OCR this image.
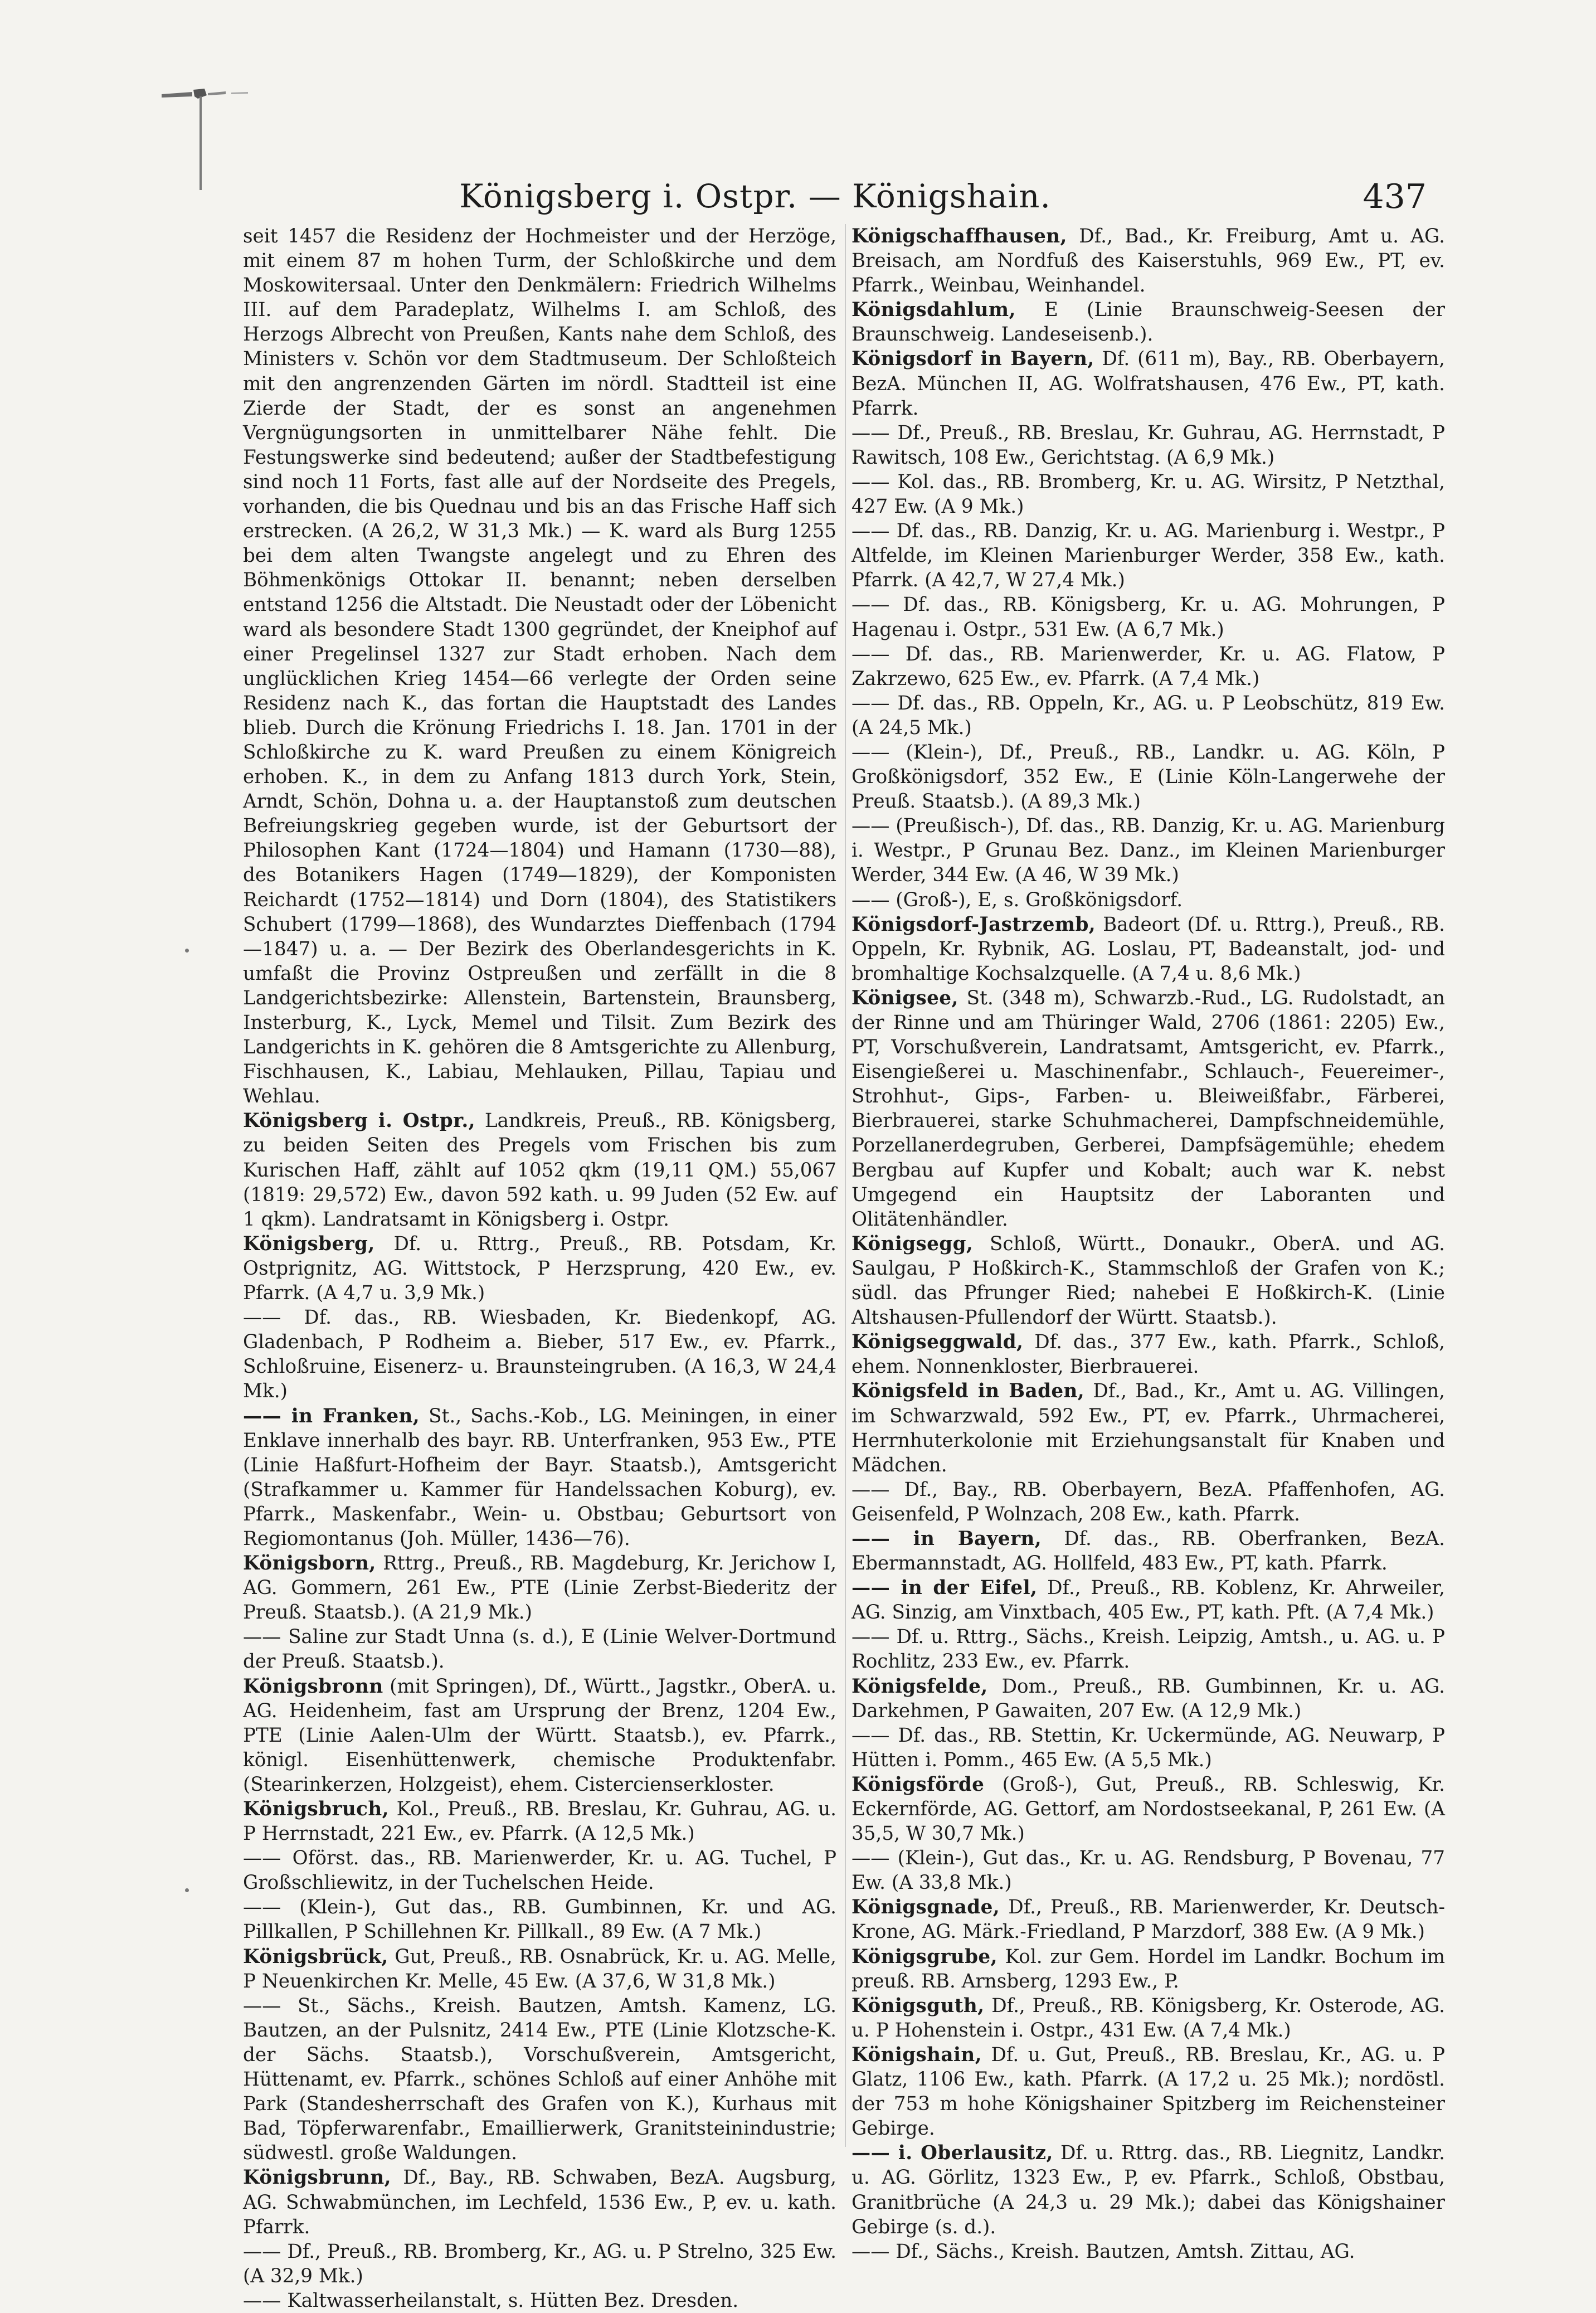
Königsberg i. Ostpr. — Königshain.	437

seit 1457 die Residenz der Hochmeister und der Herzöge, mit einem 87 m hohen Turm, der Schloßkirche und dem Moskowitersaal. Unter den Denkmälern: Friedrich Wilhelms III. auf dem Paradeplatz, Wilhelms I. am Schloß, des Herzogs Albrecht von Preußen, Kants nahe dem Schloß, des Ministers v. Schön vor dem Stadtmuseum. Der Schloßteich mit den angrenzenden Gärten im nördl. Stadtteil ist eine Zierde der Stadt, der es sonst an angenehmen Vergnügungsorten in unmittelbarer Nähe fehlt. Die Festungswerke sind bedeutend; außer der Stadtbefestigung sind noch 11 Forts, fast alle auf der Nordseite des Pregels, vorhanden, die bis Quednau und bis an das Frische Haff sich erstrecken. (A 26,2, W 31,3 Mk.) — K. ward als Burg 1255 bei dem alten Twangste angelegt und zu Ehren des Böhmenkönigs Ottokar II. benannt; neben derselben entstand 1256 die Altstadt. Die Neustadt oder der Löbenicht ward als besondere Stadt 1300 gegründet, der Kneiphof auf einer Pregelinsel 1327 zur Stadt erhoben. Nach dem unglücklichen Krieg 1454—66 verlegte der Orden seine Residenz nach K., das fortan die Hauptstadt des Landes blieb. Durch die Krönung Friedrichs I. 18. Jan. 1701 in der Schloßkirche zu K. ward Preußen zu einem Königreich erhoben. K., in dem zu Anfang 1813 durch York, Stein, Arndt, Schön, Dohna u. a. der Hauptanstoß zum deutschen Befreiungskrieg gegeben wurde, ist der Geburtsort der Philosophen Kant (1724—1804) und Hamann (1730—88), des Botanikers Hagen (1749—1829), der Komponisten Reichardt (1752—1814) und Dorn (1804), des Statistikers Schubert (1799—1868), des Wundarztes Dieffenbach (1794—1847) u. a. — Der Bezirk des Oberlandesgerichts in K. umfaßt die Provinz Ostpreußen und zerfällt in die 8 Landgerichtsbezirke: Allenstein, Bartenstein, Braunsberg, Insterburg, K., Lyck, Memel und Tilsit. Zum Bezirk des Landgerichts in K. gehören die 8 Amtsgerichte zu Allenburg, Fischhausen, K., Labiau, Mehlauken, Pillau, Tapiau und Wehlau.

Königsberg i. Ostpr., Landkreis, Preuß., RB. Königsberg, zu beiden Seiten des Pregels vom Frischen bis zum Kurischen Haff, zählt auf 1052 qkm (19,11 QM.) 55,067 (1819: 29,572) Ew., davon 592 kath. u. 99 Juden (52 Ew. auf 1 qkm). Landratsamt in Königsberg i. Ostpr.

Königsberg, Df. u. Rttrg., Preuß., RB. Potsdam, Kr. Ostprignitz, AG. Wittstock, P Herzsprung, 420 Ew., ev. Pfarrk. (A 4,7 u. 3,9 Mk.)

—— Df. das., RB. Wiesbaden, Kr. Biedenkopf, AG. Gladenbach, P Rodheim a. Bieber, 517 Ew., ev. Pfarrk., Schloßruine, Eisenerz- u. Braunsteingruben. (A 16,3, W 24,4 Mk.)

—— in Franken, St., Sachs.-Kob., LG. Meiningen, in einer Enklave innerhalb des bayr. RB. Unterfranken, 953 Ew., PTE (Linie Haßfurt-Hofheim der Bayr. Staatsb.), Amtsgericht (Strafkammer u. Kammer für Handelssachen Koburg), ev. Pfarrk., Maskenfabr., Wein- u. Obstbau; Geburtsort von Regiomontanus (Joh. Müller, 1436—76).

Königsborn, Rttrg., Preuß., RB. Magdeburg, Kr. Jerichow I, AG. Gommern, 261 Ew., PTE (Linie Zerbst-Biederitz der Preuß. Staatsb.). (A 21,9 Mk.)

—— Saline zur Stadt Unna (s. d.), E (Linie Welver-Dortmund der Preuß. Staatsb.).

Königsbronn (mit Springen), Df., Württ., Jagstkr., OberA. u. AG. Heidenheim, fast am Ursprung der Brenz, 1204 Ew., PTE (Linie Aalen-Ulm der Württ. Staatsb.), ev. Pfarrk., königl. Eisenhüttenwerk, chemische Produktenfabr. (Stearinkerzen, Holzgeist), ehem. Cistercienserkloster.

Königsbruch, Kol., Preuß., RB. Breslau, Kr. Guhrau, AG. u. P Herrnstadt, 221 Ew., ev. Pfarrk. (A 12,5 Mk.)

—— Oförst. das., RB. Marienwerder, Kr. u. AG. Tuchel, P Großschliewitz, in der Tuchelschen Heide.

—— (Klein-), Gut das., RB. Gumbinnen, Kr. und AG. Pillkallen, P Schillehnen Kr. Pillkall., 89 Ew. (A 7 Mk.)

Königsbrück, Gut, Preuß., RB. Osnabrück, Kr. u. AG. Melle, P Neuenkirchen Kr. Melle, 45 Ew. (A 37,6, W 31,8 Mk.)

—— St., Sächs., Kreish. Bautzen, Amtsh. Kamenz, LG. Bautzen, an der Pulsnitz, 2414 Ew., PTE (Linie Klotzsche-K. der Sächs. Staatsb.), Vorschußverein, Amtsgericht, Hüttenamt, ev. Pfarrk., schönes Schloß auf einer Anhöhe mit Park (Standesherrschaft des Grafen von K.), Kurhaus mit Bad, Töpferwarenfabr., Emaillierwerk, Granitsteinindustrie; südwestl. große Waldungen.

Königsbrunn, Df., Bay., RB. Schwaben, BezA. Augsburg, AG. Schwabmünchen, im Lechfeld, 1536 Ew., P, ev. u. kath. Pfarrk.

—— Df., Preuß., RB. Bromberg, Kr., AG. u. P Strelno, 325 Ew. (A 32,9 Mk.)

—— Kaltwasserheilanstalt, s. Hütten Bez. Dresden.

Königschaffhausen, Df., Bad., Kr. Freiburg, Amt u. AG. Breisach, am Nordfuß des Kaiserstuhls, 969 Ew., PT, ev. Pfarrk., Weinbau, Weinhandel.

Königsdahlum, E (Linie Braunschweig-Seesen der Braunschweig. Landeseisenb.).

Königsdorf in Bayern, Df. (611 m), Bay., RB. Oberbayern, BezA. München II, AG. Wolfratshausen, 476 Ew., PT, kath. Pfarrk.

—— Df., Preuß., RB. Breslau, Kr. Guhrau, AG. Herrnstadt, P Rawitsch, 108 Ew., Gerichtstag. (A 6,9 Mk.)

—— Kol. das., RB. Bromberg, Kr. u. AG. Wirsitz, P Netzthal, 427 Ew. (A 9 Mk.)

—— Df. das., RB. Danzig, Kr. u. AG. Marienburg i. Westpr., P Altfelde, im Kleinen Marienburger Werder, 358 Ew., kath. Pfarrk. (A 42,7, W 27,4 Mk.)

—— Df. das., RB. Königsberg, Kr. u. AG. Mohrungen, P Hagenau i. Ostpr., 531 Ew. (A 6,7 Mk.)

—— Df. das., RB. Marienwerder, Kr. u. AG. Flatow, P Zakrzewo, 625 Ew., ev. Pfarrk. (A 7,4 Mk.)

—— Df. das., RB. Oppeln, Kr., AG. u. P Leobschütz, 819 Ew. (A 24,5 Mk.)

—— (Klein-), Df., Preuß., RB., Landkr. u. AG. Köln, P Großkönigsdorf, 352 Ew., E (Linie Köln-Langerwehe der Preuß. Staatsb.). (A 89,3 Mk.)

—— (Preußisch-), Df. das., RB. Danzig, Kr. u. AG. Marienburg i. Westpr., P Grunau Bez. Danz., im Kleinen Marienburger Werder, 344 Ew. (A 46, W 39 Mk.)

—— (Groß-), E, s. Großkönigsdorf.

Königsdorf-Jastrzemb, Badeort (Df. u. Rttrg.), Preuß., RB. Oppeln, Kr. Rybnik, AG. Loslau, PT, Badeanstalt, jod- und bromhaltige Kochsalzquelle. (A 7,4 u. 8,6 Mk.)

Königsee, St. (348 m), Schwarzb.-Rud., LG. Rudolstadt, an der Rinne und am Thüringer Wald, 2706 (1861: 2205) Ew., PT, Vorschußverein, Landratsamt, Amtsgericht, ev. Pfarrk., Eisengießerei u. Maschinenfabr., Schlauch-, Feuereimer-, Strohhut-, Gips-, Farben- u. Bleiweißfabr., Färberei, Bierbrauerei, starke Schuhmacherei, Dampfschneidemühle, Porzellanerdegruben, Gerberei, Dampfsägemühle; ehedem Bergbau auf Kupfer und Kobalt; auch war K. nebst Umgegend ein Hauptsitz der Laboranten und Olitätenhändler.

Königsegg, Schloß, Württ., Donaukr., OberA. und AG. Saulgau, P Hoßkirch-K., Stammschloß der Grafen von K.; südl. das Pfrunger Ried; nahebei E Hoßkirch-K. (Linie Altshausen-Pfullendorf der Württ. Staatsb.).

Königseggwald, Df. das., 377 Ew., kath. Pfarrk., Schloß, ehem. Nonnenkloster, Bierbrauerei.

Königsfeld in Baden, Df., Bad., Kr., Amt u. AG. Villingen, im Schwarzwald, 592 Ew., PT, ev. Pfarrk., Uhrmacherei, Herrnhuterkolonie mit Erziehungsanstalt für Knaben und Mädchen.

—— Df., Bay., RB. Oberbayern, BezA. Pfaffenhofen, AG. Geisenfeld, P Wolnzach, 208 Ew., kath. Pfarrk.

—— in Bayern, Df. das., RB. Oberfranken, BezA. Ebermannstadt, AG. Hollfeld, 483 Ew., PT, kath. Pfarrk.

—— in der Eifel, Df., Preuß., RB. Koblenz, Kr. Ahrweiler, AG. Sinzig, am Vinxtbach, 405 Ew., PT, kath. Pft. (A 7,4 Mk.)

—— Df. u. Rttrg., Sächs., Kreish. Leipzig, Amtsh., u. AG. u. P Rochlitz, 233 Ew., ev. Pfarrk.

Königsfelde, Dom., Preuß., RB. Gumbinnen, Kr. u. AG. Darkehmen, P Gawaiten, 207 Ew. (A 12,9 Mk.)

—— Df. das., RB. Stettin, Kr. Uckermünde, AG. Neuwarp, P Hütten i. Pomm., 465 Ew. (A 5,5 Mk.)

Königsförde (Groß-), Gut, Preuß., RB. Schleswig, Kr. Eckernförde, AG. Gettorf, am Nordostseekanal, P, 261 Ew. (A 35,5, W 30,7 Mk.)

—— (Klein-), Gut das., Kr. u. AG. Rendsburg, P Bovenau, 77 Ew. (A 33,8 Mk.)

Königsgnade, Df., Preuß., RB. Marienwerder, Kr. Deutsch-Krone, AG. Märk.-Friedland, P Marzdorf, 388 Ew. (A 9 Mk.)

Königsgrube, Kol. zur Gem. Hordel im Landkr. Bochum im preuß. RB. Arnsberg, 1293 Ew., P.

Königsguth, Df., Preuß., RB. Königsberg, Kr. Osterode, AG. u. P Hohenstein i. Ostpr., 431 Ew. (A 7,4 Mk.)

Königshain, Df. u. Gut, Preuß., RB. Breslau, Kr., AG. u. P Glatz, 1106 Ew., kath. Pfarrk. (A 17,2 u. 25 Mk.); nordöstl. der 753 m hohe Königshainer Spitzberg im Reichensteiner Gebirge.

—— i. Oberlausitz, Df. u. Rttrg. das., RB. Liegnitz, Landkr. u. AG. Görlitz, 1323 Ew., P, ev. Pfarrk., Schloß, Obstbau, Granitbrüche (A 24,3 u. 29 Mk.); dabei das Königshainer Gebirge (s. d.).

—— Df., Sächs., Kreish. Bautzen, Amtsh. Zittau, AG.
